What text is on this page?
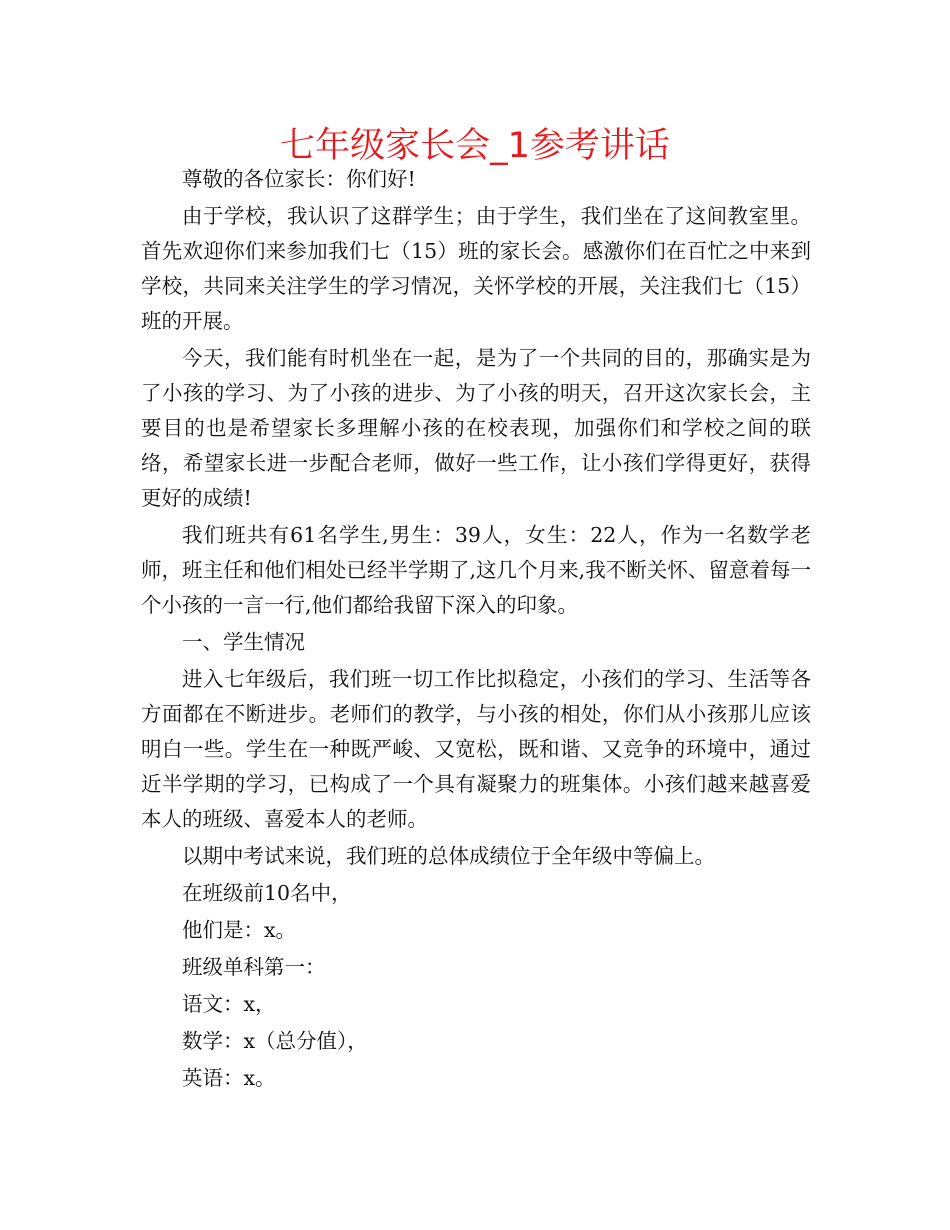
七年级家长会_1参考讲话

尊敬的各位家长：你们好!

由于学校，我认识了这群学生；由于学生，我们坐在了这间教室里。首先欢迎你们来参加我们七（15）班的家长会。感激你们在百忙之中来到学校，共同来关注学生的学习情况，关怀学校的开展，关注我们七（15）班的开展。

今天，我们能有时机坐在一起，是为了一个共同的目的，那确实是为了小孩的学习、为了小孩的进步、为了小孩的明天，召开这次家长会，主要目的也是希望家长多理解小孩的在校表现，加强你们和学校之间的联络，希望家长进一步配合老师，做好一些工作，让小孩们学得更好，获得更好的成绩!

我们班共有61名学生,男生：39人，女生：22人，作为一名数学老师，班主任和他们相处已经半学期了,这几个月来,我不断关怀、留意着每一个小孩的一言一行,他们都给我留下深入的印象。

一、学生情况

进入七年级后，我们班一切工作比拟稳定，小孩们的学习、生活等各方面都在不断进步。老师们的教学，与小孩的相处，你们从小孩那儿应该明白一些。学生在一种既严峻、又宽松，既和谐、又竞争的环境中，通过近半学期的学习，已构成了一个具有凝聚力的班集体。小孩们越来越喜爱本人的班级、喜爱本人的老师。

以期中考试来说，我们班的总体成绩位于全年级中等偏上。

在班级前10名中，

他们是：x。

班级单科第一：

语文：x，

数学：x（总分值），

英语：x。
